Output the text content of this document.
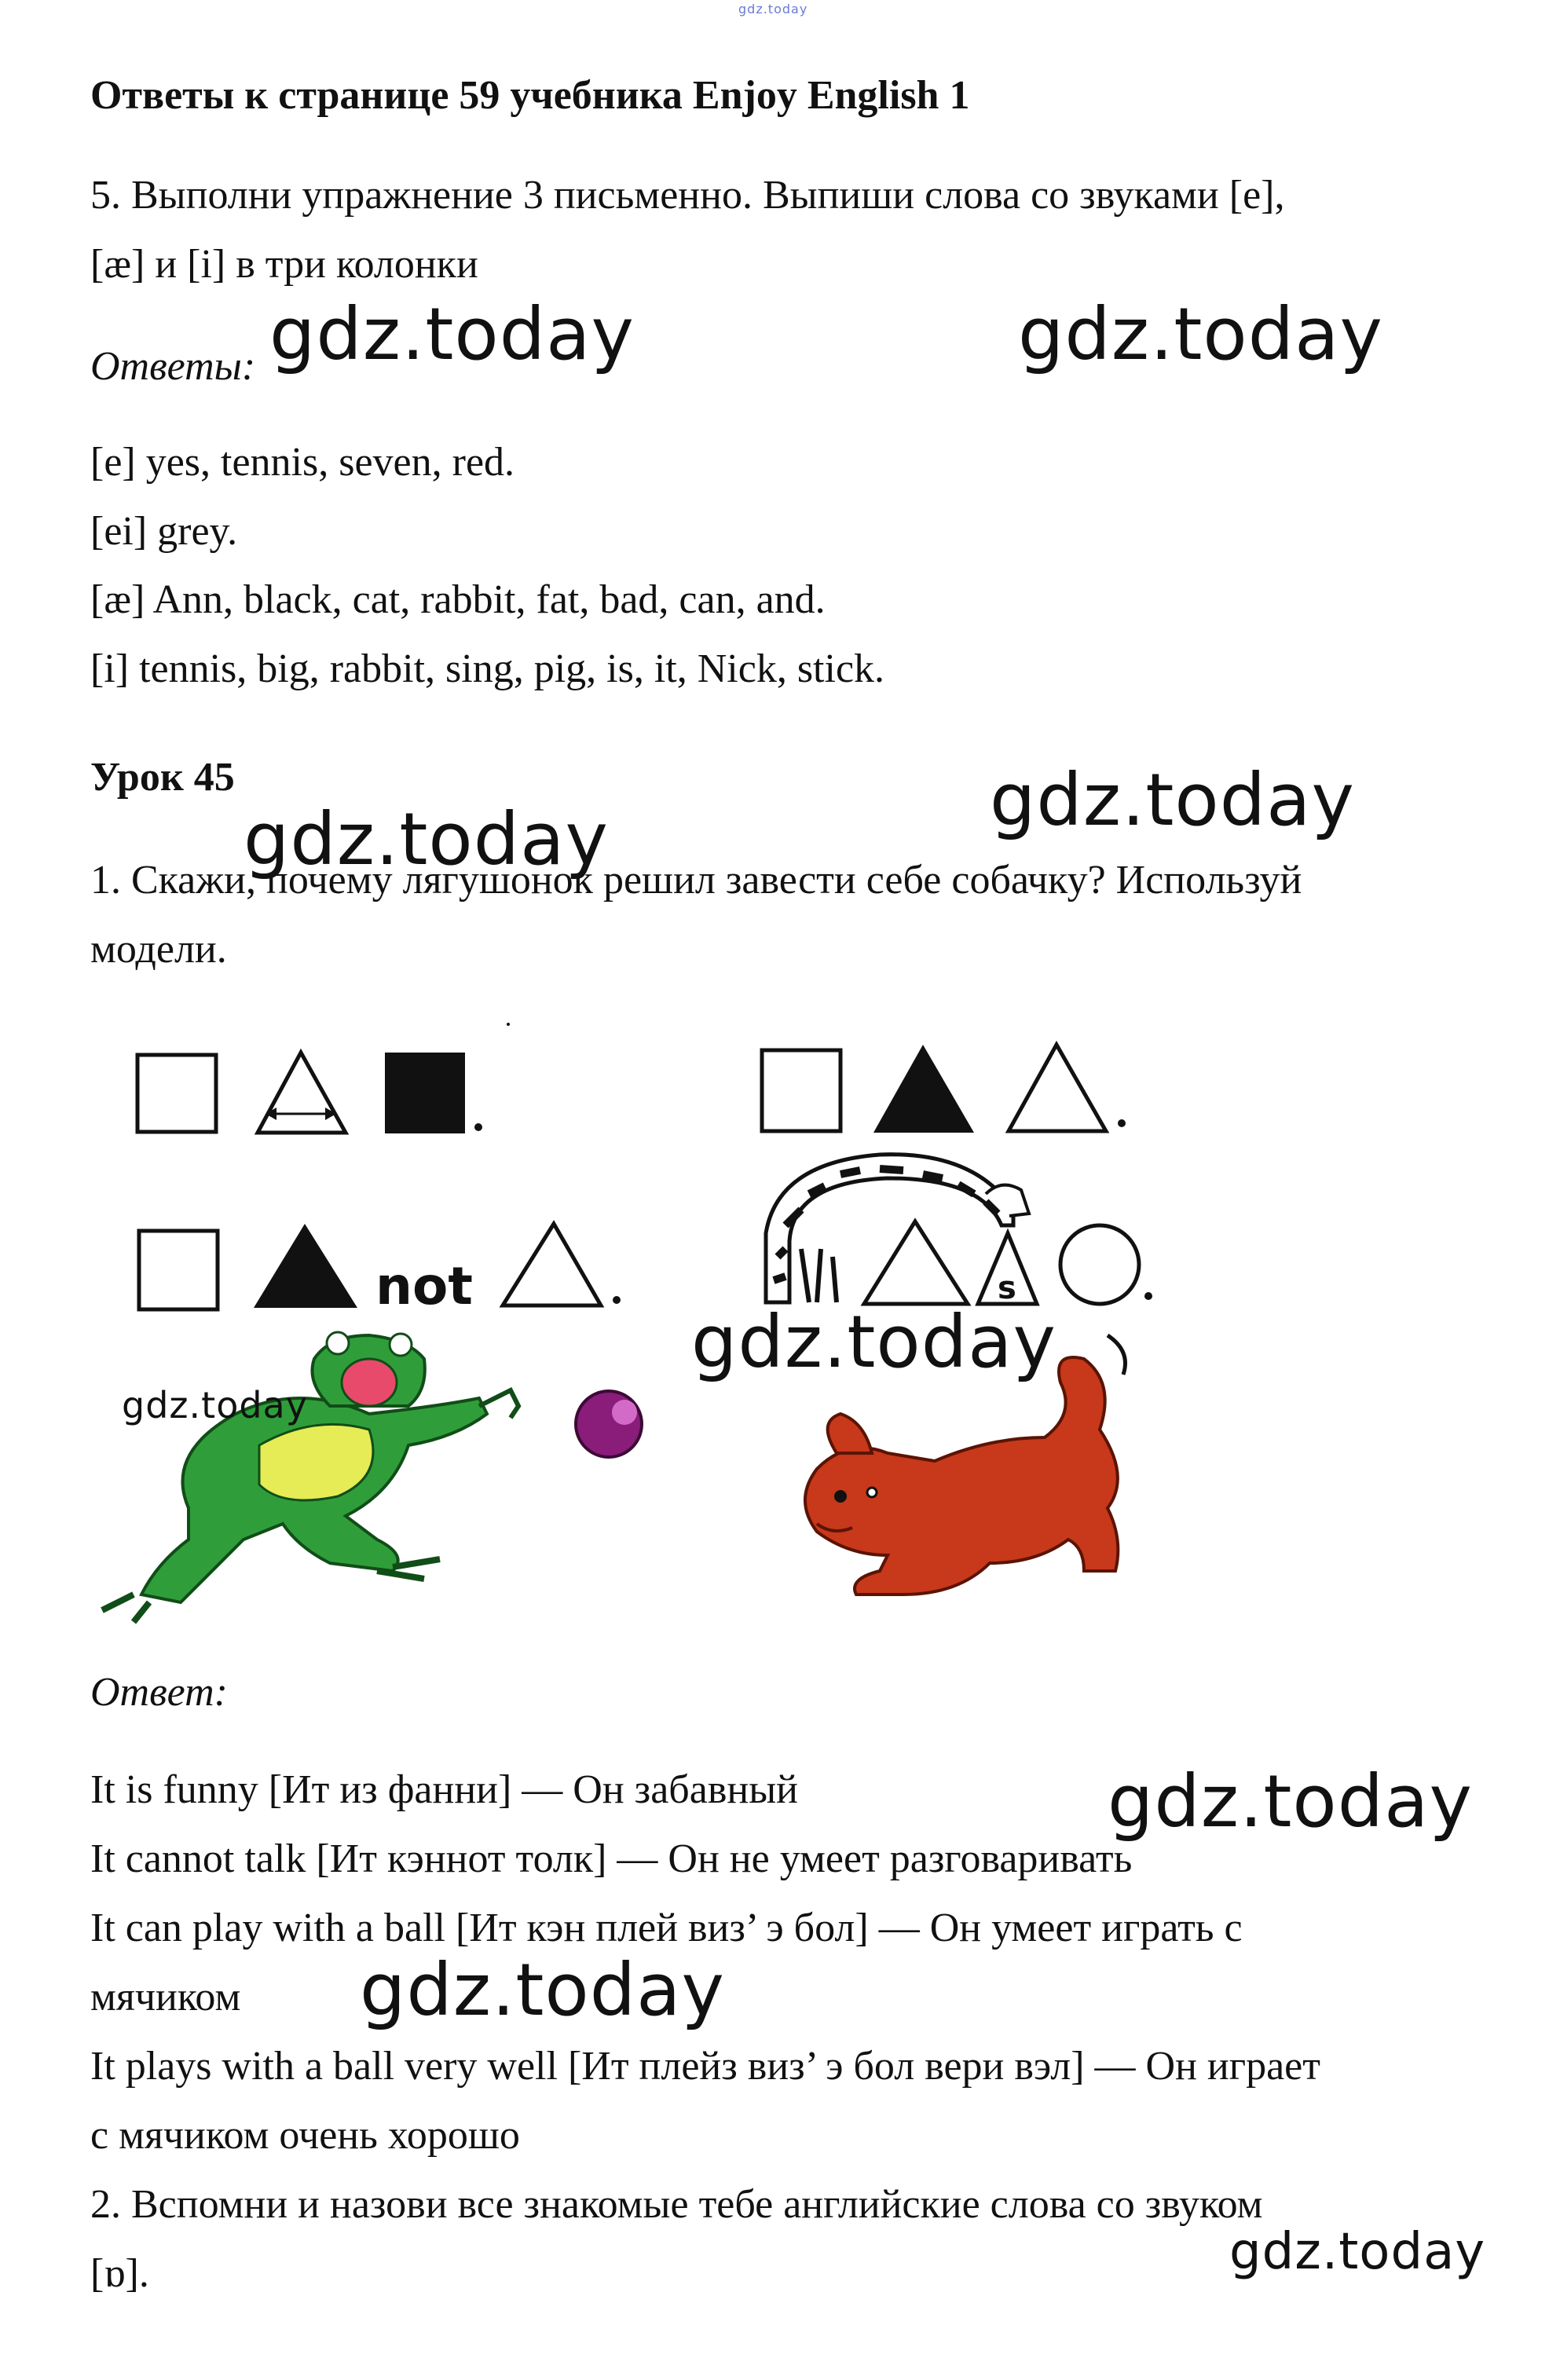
gdz.today
Ответы к странице 59 учебника Enjoy English 1
5. Выполни упражнение 3 письменно. Выпиши слова со звуками [e],
[æ] и [i] в три колонки
Ответы:
[e] yes, tennis, seven, red.
[ei] grey.
[æ] Ann, black, cat, rabbit, fat, bad, can, and.
[i] tennis, big, rabbit, sing, pig, is, it, Nick, stick.
Урок 45
1. Скажи, почему лягушонок решил завести себе собачку? Используй
модели.
not	s
Ответ:
It is funny [Ит из фанни] — Он забавный
It cannot talk [Ит кэннот толк] — Он не умеет разговаривать
It can play with a ball [Ит кэн плей виз’ э бол] — Он умеет играть с
мячиком
It plays with a ball very well [Ит плейз виз’ э бол вери вэл] — Он играет
с мячиком очень хорошо
2. Вспомни и назови все знакомые тебе английские слова со звуком
[ɒ].
gdz.today	gdz.today
gdz.today
gdz.today
gdz.today
gdz.today
gdz.today
gdz.today
gdz.today
